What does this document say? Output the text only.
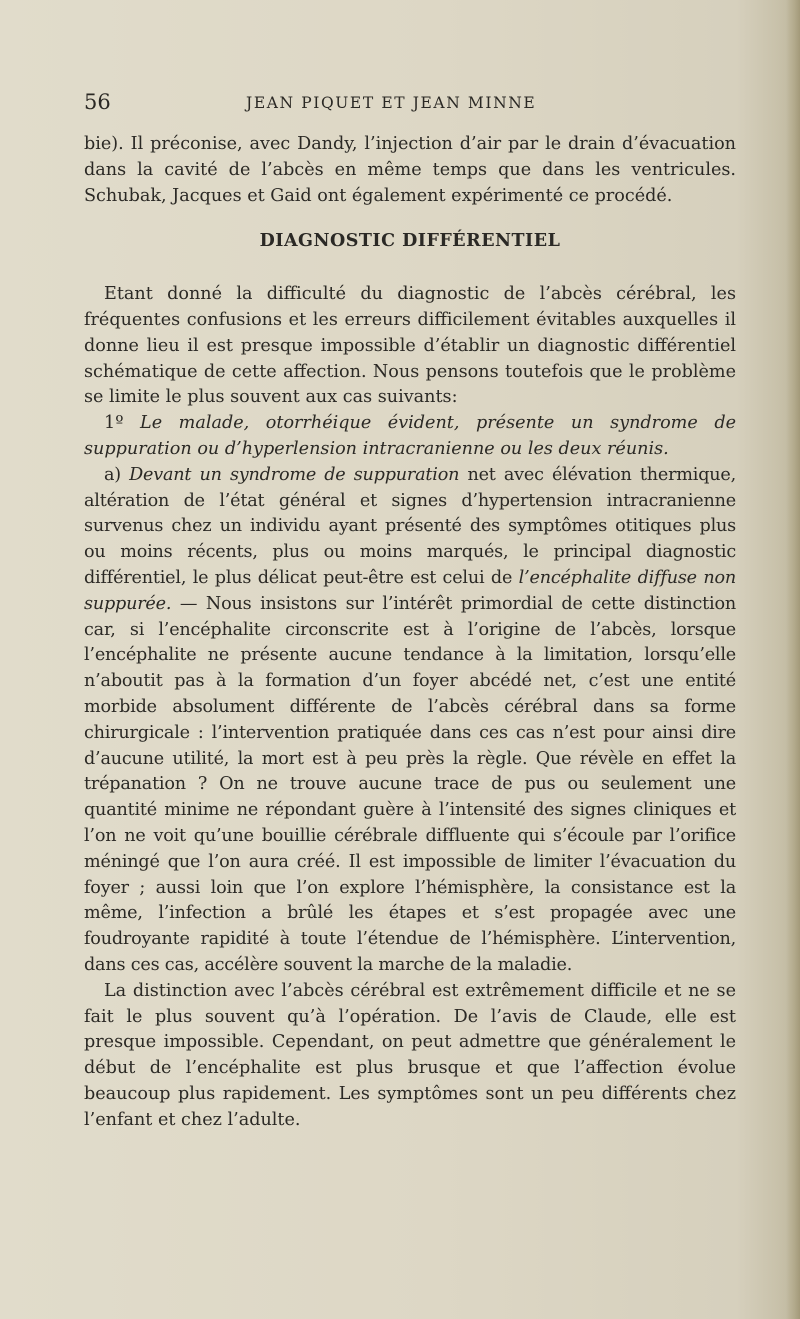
56	JEAN PIQUET ET JEAN MINNE

bie). Il préconise, avec Dandy, l’injection d’air par le drain d’évacuation dans la cavité de l’abcès en même temps que dans les ventricules. Schubak, Jacques et Gaid ont également expérimenté ce procédé.

DIAGNOSTIC DIFFÉRENTIEL

Etant donné la difficulté du diagnostic de l’abcès cérébral, les fréquentes confusions et les erreurs difficilement évitables auxquelles il donne lieu il est presque impossible d’établir un diagnostic différentiel schématique de cette affection. Nous pensons toutefois que le problème se limite le plus souvent aux cas suivants:

1º Le malade, otorrhéique évident, présente un syndrome de suppuration ou d’hyperlension intracranienne ou les deux réunis.

a) Devant un syndrome de suppuration net avec élévation thermique, altération de l’état général et signes d’hypertension intracranienne survenus chez un individu ayant présenté des symptômes otitiques plus ou moins récents, plus ou moins marqués, le principal diagnostic différentiel, le plus délicat peut-être est celui de l’encéphalite diffuse non suppurée. — Nous insistons sur l’intérêt primordial de cette distinction car, si l’encéphalite circonscrite est à l’origine de l’abcès, lorsque l’encéphalite ne présente aucune tendance à la limitation, lorsqu’elle n’aboutit pas à la formation d’un foyer abcédé net, c’est une entité morbide absolument différente de l’abcès cérébral dans sa forme chirurgicale : l’intervention pratiquée dans ces cas n’est pour ainsi dire d’aucune utilité, la mort est à peu près la règle. Que révèle en effet la trépanation ? On ne trouve aucune trace de pus ou seulement une quantité minime ne répondant guère à l’intensité des signes cliniques et l’on ne voit qu’une bouillie cérébrale diffluente qui s’écoule par l’orifice méningé que l’on aura créé. Il est impossible de limiter l’évacuation du foyer ; aussi loin que l’on explore l’hémisphère, la consistance est la même, l’infection a brûlé les étapes et s’est propagée avec une foudroyante rapidité à toute l’étendue de l’hémisphère. L’intervention, dans ces cas, accélère souvent la marche de la maladie.

La distinction avec l’abcès cérébral est extrêmement difficile et ne se fait le plus souvent qu’à l’opération. De l’avis de Claude, elle est presque impossible. Cependant, on peut admettre que généralement le début de l’encéphalite est plus brusque et que l’affection évolue beaucoup plus rapidement. Les symptômes sont un peu différents chez l’enfant et chez l’adulte.
